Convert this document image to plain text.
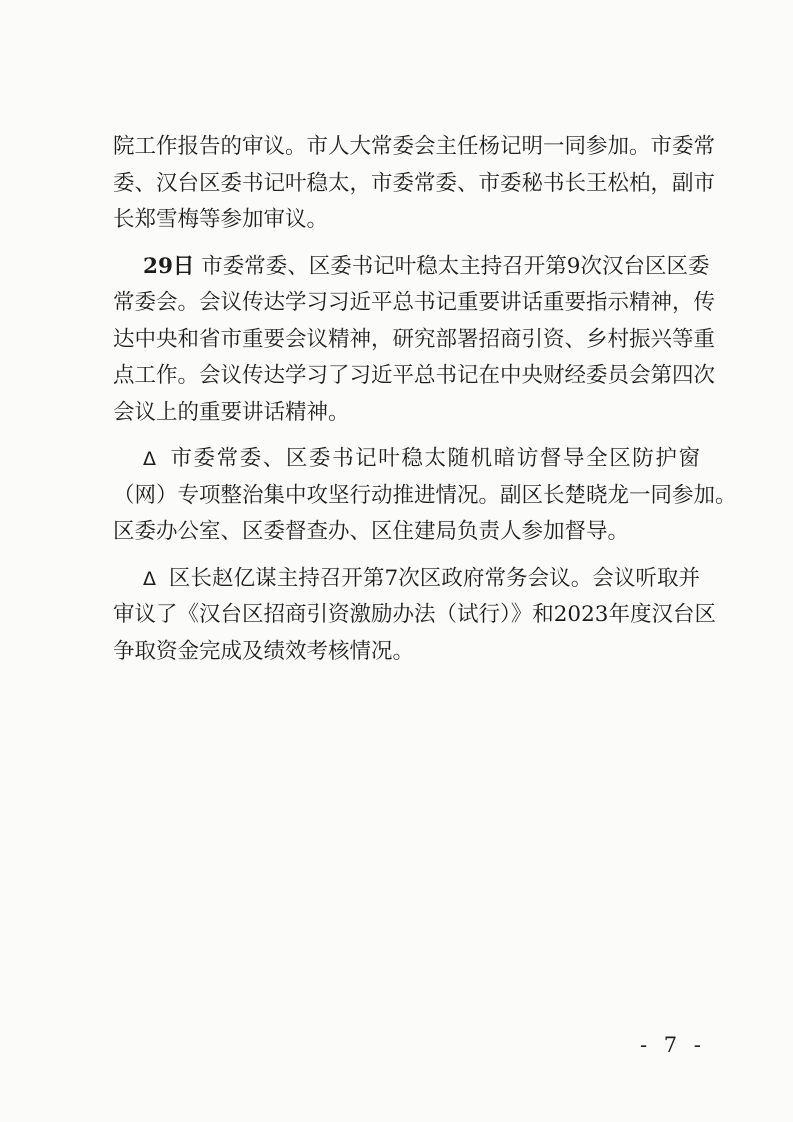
院工作报告的审议。市人大常委会主任杨记明一同参加。市委常
委、汉台区委书记叶稳太，市委常委、市委秘书长王松柏，副市
长郑雪梅等参加审议。
29日 市委常委、区委书记叶稳太主持召开第9次汉台区区委
常委会。会议传达学习习近平总书记重要讲话重要指示精神，传
达中央和省市重要会议精神，研究部署招商引资、乡村振兴等重
点工作。会议传达学习了习近平总书记在中央财经委员会第四次
会议上的重要讲话精神。
Δ 市委常委、区委书记叶稳太随机暗访督导全区防护窗
（网）专项整治集中攻坚行动推进情况。副区长楚晓龙一同参加。
区委办公室、区委督查办、区住建局负责人参加督导。
Δ 区长赵亿谋主持召开第7次区政府常务会议。会议听取并
审议了《汉台区招商引资激励办法（试行）》和2023年度汉台区
争取资金完成及绩效考核情况。
- 7 -
